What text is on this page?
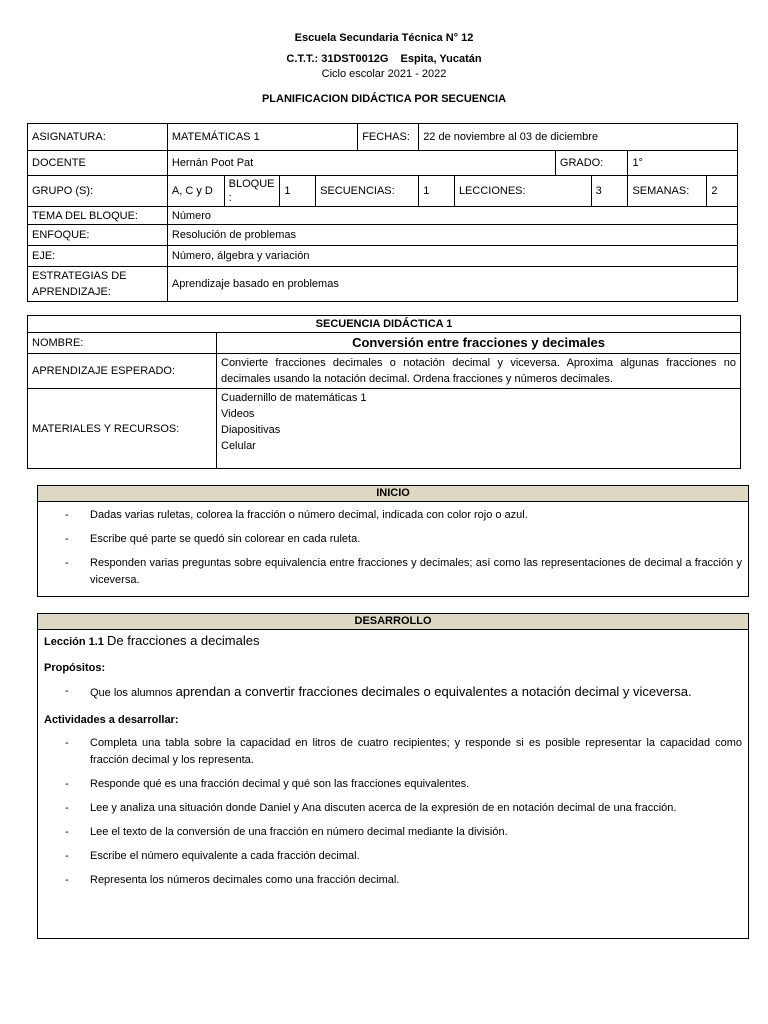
Escuela Secundaria Técnica N° 12
C.T.T.: 31DST0012G Espita, Yucatán
Ciclo escolar 2021 - 2022
PLANIFICACION DIDÁCTICA POR SECUENCIA
ASIGNATURA:	MATEMÁTICAS 1				FECHAS:	22 de noviembre al 03 de diciembre					
DOCENTE	Hernán Poot Pat							GRADO:		1°	
GRUPO (S):	A, C y D	BLOQUE :	1	SECUENCIAS:		1	LECCIONES:		3	SEMANAS:	2
TEMA DEL BLOQUE:	Número										
ENFOQUE:	Resolución de problemas										
EJE:	Número, álgebra y variación										
ESTRATEGIAS DE APRENDIZAJE:	Aprendizaje basado en problemas										
SECUENCIA DIDÁCTICA 1	
NOMBRE:	Conversión entre fracciones y decimales
APRENDIZAJE ESPERADO:	Convierte fracciones decimales o notación decimal y viceversa. Aproxima algunas fracciones no decimales usando la notación decimal. Ordena fracciones y números decimales.
MATERIALES Y RECURSOS:	Cuadernillo de matemáticas 1
Videos
Diapositivas
Celular
INICIO
- Dadas varias ruletas, colorea la fracción o número decimal, indicada con color rojo o azul.
- Escribe qué parte se quedó sin colorear en cada ruleta.
- Responden varias preguntas sobre equivalencia entre fracciones y decimales; así como las representaciones de decimal a fracción y viceversa.
DESARROLLO
Lección 1.1 De fracciones a decimales
Propósitos:
- Que los alumnos aprendan a convertir fracciones decimales o equivalentes a notación decimal y viceversa.
Actividades a desarrollar:
- Completa una tabla sobre la capacidad en litros de cuatro recipientes; y responde si es posible representar la capacidad como fracción decimal y los representa.
- Responde qué es una fracción decimal y qué son las fracciones equivalentes.
- Lee y analiza una situación donde Daniel y Ana discuten acerca de la expresión de en notación decimal de una fracción.
- Lee el texto de la conversión de una fracción en número decimal mediante la división.
- Escribe el número equivalente a cada fracción decimal.
- Representa los números decimales como una fracción decimal.
